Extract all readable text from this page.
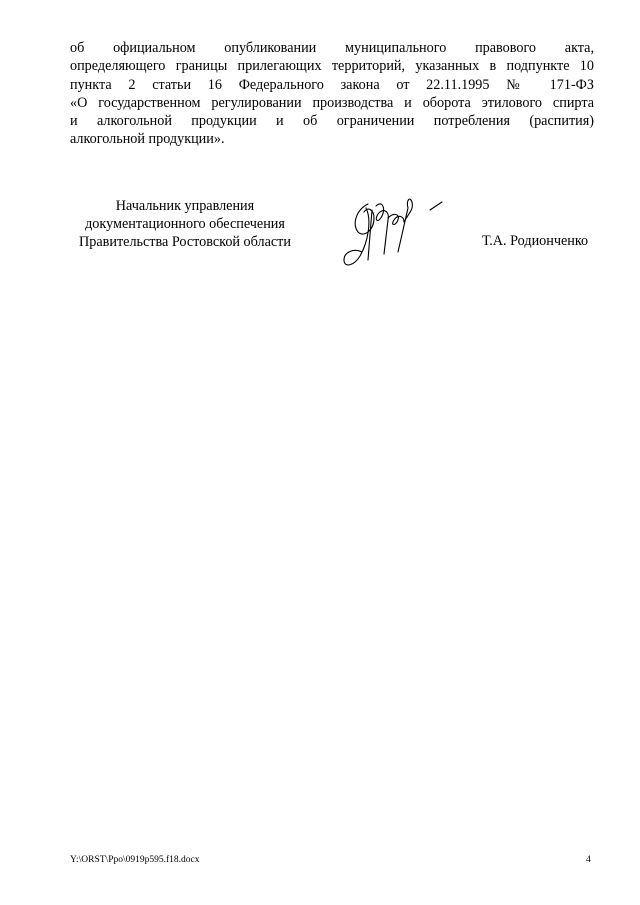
об официальном опубликовании муниципального правового акта,
определяющего границы прилегающих территорий, указанных в подпункте 10
пункта 2 статьи 16 Федерального закона от 22.11.1995 № 171-ФЗ
«О государственном регулировании производства и оборота этилового спирта
и алкогольной продукции и об ограничении потребления (распития)
алкогольной продукции».
Начальник управления
документационного обеспечения
Правительства Ростовской области	Т.А. Родионченко
Y:\ORST\Ppo\0919p595.f18.docx	4
